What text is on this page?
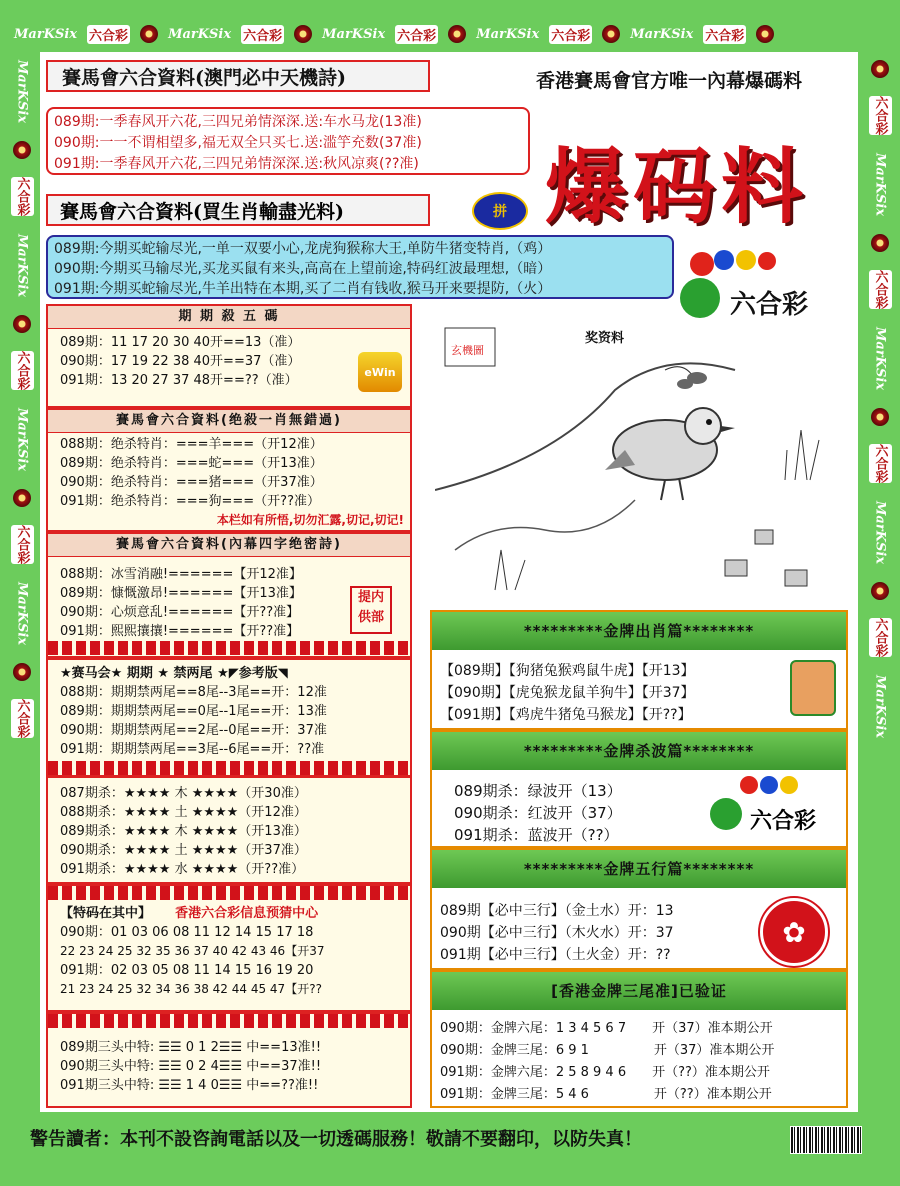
MarKSix 六合彩	MarKSix 六合彩	MarKSix 六合彩	MarKSix 六合彩	MarKSix 六合彩
MarKSix
六合彩
MarKSix
六合彩
MarKSix
六合彩
MarKSix
六合彩
六合彩
MarKSix
六合彩
MarKSix
六合彩
MarKSix
六合彩
MarKSix
賽馬會六合資料(澳門必中天機詩)	香港賽馬會官方唯一內幕爆碼料
089期:一季春风开六花,三四兄弟情深深.送:车水马龙(13准)
090期:一一不谓相望多,福无双全只买七.送:滥竽充数(37准)
091期:一季春风开六花,三四兄弟情深深.送:秋风凉爽(??准)	爆码料
賽馬會六合資料(買生肖輸盡光料)	拼
089期:今期买蛇输尽光,一单一双要小心,龙虎狗猴称大王,单防牛猪变特肖,（鸡）
090期:今期买马输尽光,买龙买鼠有来头,高高在上望前途,特码红波最理想,（暗）
091期:今期买蛇输尽光,牛羊出特在本期,买了二肖有钱收,猴马开来要提防,（火）
六合彩
期 期 殺 五 碼
089期：11 17 20 30 40开==13（准）
090期：17 19 22 38 40开==37（准）
091期：13 20 27 37 48开==??（准）
eWin
賽馬會六合資料(绝殺一肖無錯過)
088期：绝杀特肖：===羊===（开12准）
089期：绝杀特肖：===蛇===（开13准）
090期：绝杀特肖：===猪===（开37准）
091期：绝杀特肖：===狗===（开??准）
本栏如有所悟,切勿汇露,切记,切记!
賽馬會六合資料(內幕四字绝密詩)
088期：冰雪消融!======【开12准】
089期：慷慨激昂!======【开13准】
090期：心烦意乱!======【开??准】
091期：熙熙攘攘!======【开??准】
提内供部
★赛马会★ 期期 ★ 禁两尾 ★◤参考版◥
088期：期期禁两尾==8尾--3尾==开：12准
089期：期期禁两尾==0尾--1尾==开：13准
090期：期期禁两尾==2尾--0尾==开：37准
091期：期期禁两尾==3尾--6尾==开：??准
087期杀：★★★★ 木 ★★★★（开30准）
088期杀：★★★★ 土 ★★★★（开12准）
089期杀：★★★★ 木 ★★★★（开13准）
090期杀：★★★★ 土 ★★★★（开37准）
091期杀：★★★★ 水 ★★★★（开??准）
【特码在其中】 香港六合彩信息预猜中心
090期：01 03 06 08 11 12 14 15 17 18
22 23 24 25 32 35 36 37 40 42 43 46【开37
091期：02 03 05 08 11 14 15 16 19 20
21 23 24 25 32 34 36 38 42 44 45 47【开??
089期三头中特: ☰☰ 0 1 2☰☰ 中==13准!!
090期三头中特: ☰☰ 0 2 4☰☰ 中==37准!!
091期三头中特: ☰☰ 1 4 0☰☰ 中==??准!!
玄機圖
奖资料
*********金牌出肖篇********
【089期】【狗猪兔猴鸡鼠牛虎】【开13】
【090期】【虎兔猴龙鼠羊狗牛】【开37】
【091期】【鸡虎牛猪兔马猴龙】【开??】
*********金牌杀波篇********
089期杀：绿波开（13）
090期杀：红波开（37）
091期杀：蓝波开（??）
六合彩
*********金牌五行篇********
089期【必中三行】（金土水）开：13
090期【必中三行】（木火水）开：37
091期【必中三行】（土火金）开：??
✿
[香港金牌三尾准]已验证
090期：金牌六尾：1 3 4 5 6 7　　开（37）准本期公开
090期：金牌三尾：6 9 1　　　　　开（37）准本期公开
091期：金牌六尾：2 5 8 9 4 6　　开（??）准本期公开
091期：金牌三尾：5 4 6　　　　　开（??）准本期公开
警告讀者：本刊不設咨詢電話以及一切透碼服務！敬請不要翻印，以防失真！
